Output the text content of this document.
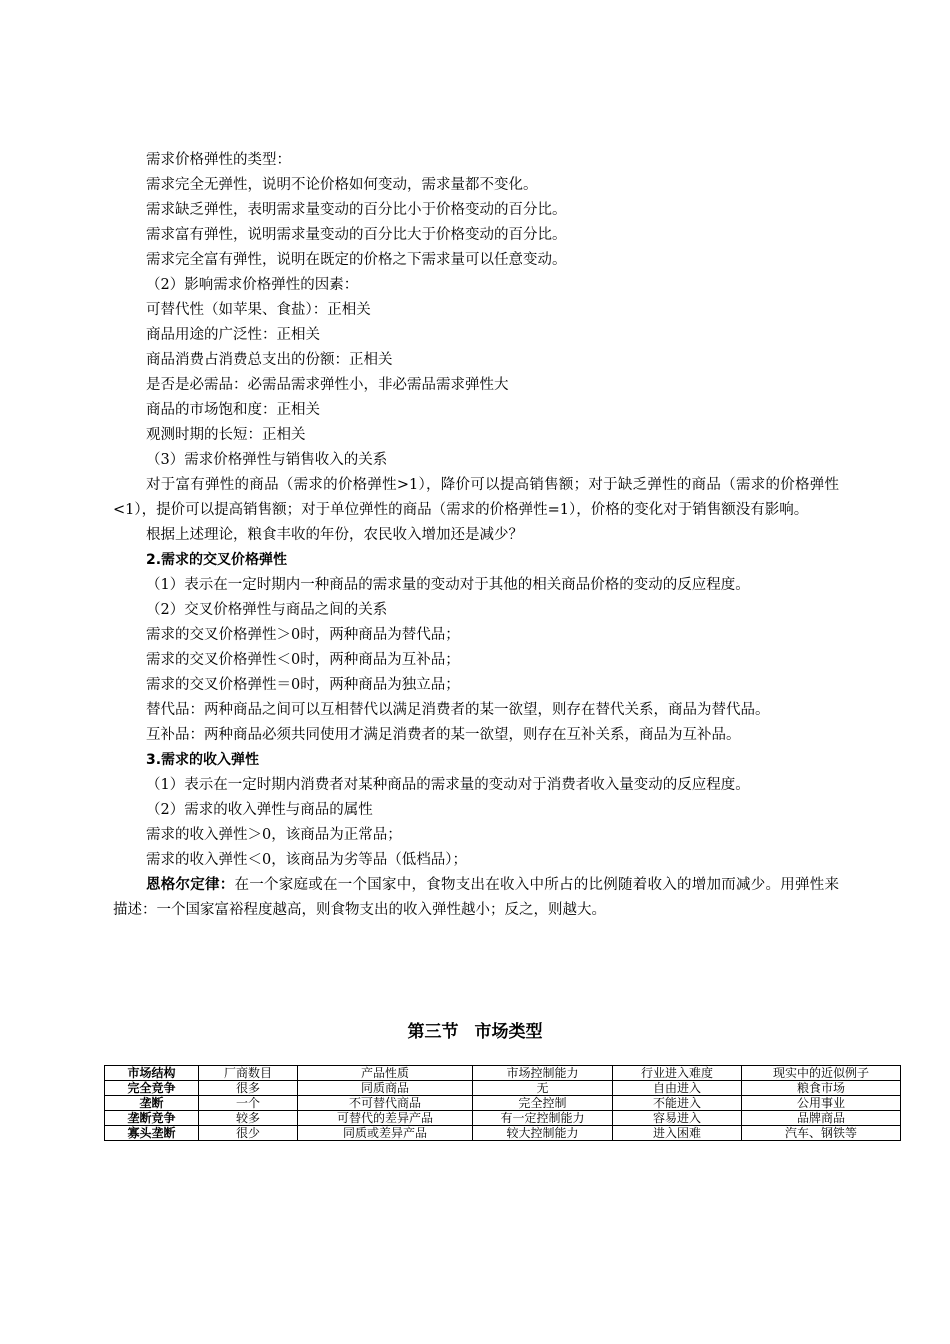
需求价格弹性的类型：

需求完全无弹性，说明不论价格如何变动，需求量都不变化。

需求缺乏弹性，表明需求量变动的百分比小于价格变动的百分比。

需求富有弹性，说明需求量变动的百分比大于价格变动的百分比。

需求完全富有弹性，说明在既定的价格之下需求量可以任意变动。

（2）影响需求价格弹性的因素：

可替代性（如苹果、食盐）：正相关

商品用途的广泛性：正相关

商品消费占消费总支出的份额：正相关

是否是必需品：必需品需求弹性小，非必需品需求弹性大

商品的市场饱和度：正相关

观测时期的长短：正相关

（3）需求价格弹性与销售收入的关系

对于富有弹性的商品（需求的价格弹性>1），降价可以提高销售额；对于缺乏弹性的商品（需求的价格弹性<1），提价可以提高销售额；对于单位弹性的商品（需求的价格弹性=1），价格的变化对于销售额没有影响。

根据上述理论，粮食丰收的年份，农民收入增加还是减少？

2.需求的交叉价格弹性

（1）表示在一定时期内一种商品的需求量的变动对于其他的相关商品价格的变动的反应程度。

（2）交叉价格弹性与商品之间的关系

需求的交叉价格弹性＞0时，两种商品为替代品；

需求的交叉价格弹性＜0时，两种商品为互补品；

需求的交叉价格弹性＝0时，两种商品为独立品；

替代品：两种商品之间可以互相替代以满足消费者的某一欲望，则存在替代关系，商品为替代品。

互补品：两种商品必须共同使用才满足消费者的某一欲望，则存在互补关系，商品为互补品。

3.需求的收入弹性

（1）表示在一定时期内消费者对某种商品的需求量的变动对于消费者收入量变动的反应程度。

（2）需求的收入弹性与商品的属性

需求的收入弹性＞0，该商品为正常品；

需求的收入弹性＜0，该商品为劣等品（低档品）；

恩格尔定律：在一个家庭或在一个国家中，食物支出在收入中所占的比例随着收入的增加而减少。用弹性来描述：一个国家富裕程度越高，则食物支出的收入弹性越小；反之，则越大。

第三节 市场类型
市场结构	厂商数目	产品性质	市场控制能力	行业进入难度	现实中的近似例子
完全竞争	很多	同质商品	无	自由进入	粮食市场
垄断	一个	不可替代商品	完全控制	不能进入	公用事业
垄断竞争	较多	可替代的差异产品	有一定控制能力	容易进入	品牌商品
寡头垄断	很少	同质或差异产品	较大控制能力	进入困难	汽车、钢铁等
